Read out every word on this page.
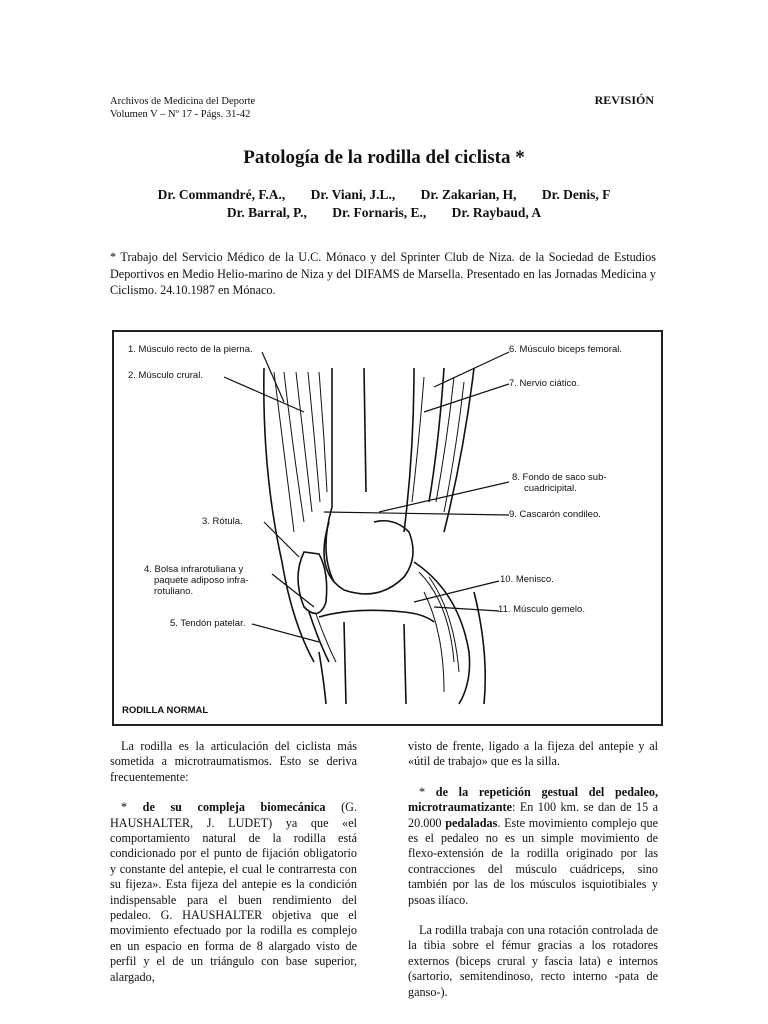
Archivos de Medicina del Deporte
Volumen V – Nº 17 - Págs. 31-42
REVISIÓN
Patología de la rodilla del ciclista *
Dr. Commandré, F.A., Dr. Viani, J.L., Dr. Zakarian, H, Dr. Denis, F
Dr. Barral, P., Dr. Fornaris, E., Dr. Raybaud, A
* Trabajo del Servicio Médico de la U.C. Mónaco y del Sprinter Club de Niza. de la Sociedad de Estudios Deportivos en Medio Helio-marino de Niza y del DIFAMS de Marsella. Presentado en las Jornadas Medicina y Ciclismo. 24.10.1987 en Mónaco.
1. Músculo recto de la pierna.
2. Músculo crural.
3. Rótula.
4. Bolsa infrarotuliana y
paquete adiposo infra-
rotuliano.
5. Tendón patelar.
6. Músculo biceps femoral.
7. Nervio ciático.
8. Fondo de saco sub-
cuadricipital.
9. Cascarón condileo.
10. Menisco.
11. Músculo gemelo.
RODILLA NORMAL

La rodilla es la articulación del ciclista más sometida a microtraumatismos. Esto se deriva frecuentemente:

* de su compleja biomecánica (G. HAUSHALTER, J. LUDET) ya que «el comportamiento natural de la rodilla está condicionado por el punto de fijación obligatorio y constante del antepie, el cual le contrarresta con su fijeza». Esta fijeza del antepie es la condición indispensable para el buen rendimiento del pedaleo. G. HAUSHALTER objetiva que el movimiento efectuado por la rodilla es complejo en un espacio en forma de 8 alargado visto de perfil y el de un triángulo con base superior, alargado,

visto de frente, ligado a la fijeza del antepie y al «útil de trabajo» que es la silla.

* de la repetición gestual del pedaleo, microtraumatizante: En 100 km. se dan de 15 a 20.000 pedaladas. Este movimiento complejo que es el pedaleo no es un simple movimiento de flexo-extensión de la rodilla originado por las contracciones del músculo cuádriceps, sino también por las de los músculos isquiotibiales y psoas ilíaco.

La rodilla trabaja con una rotación controlada de la tibia sobre el fémur gracias a los rotadores externos (biceps crural y fascia lata) e internos (sartorio, semitendinoso, recto interno -pata de ganso-).
